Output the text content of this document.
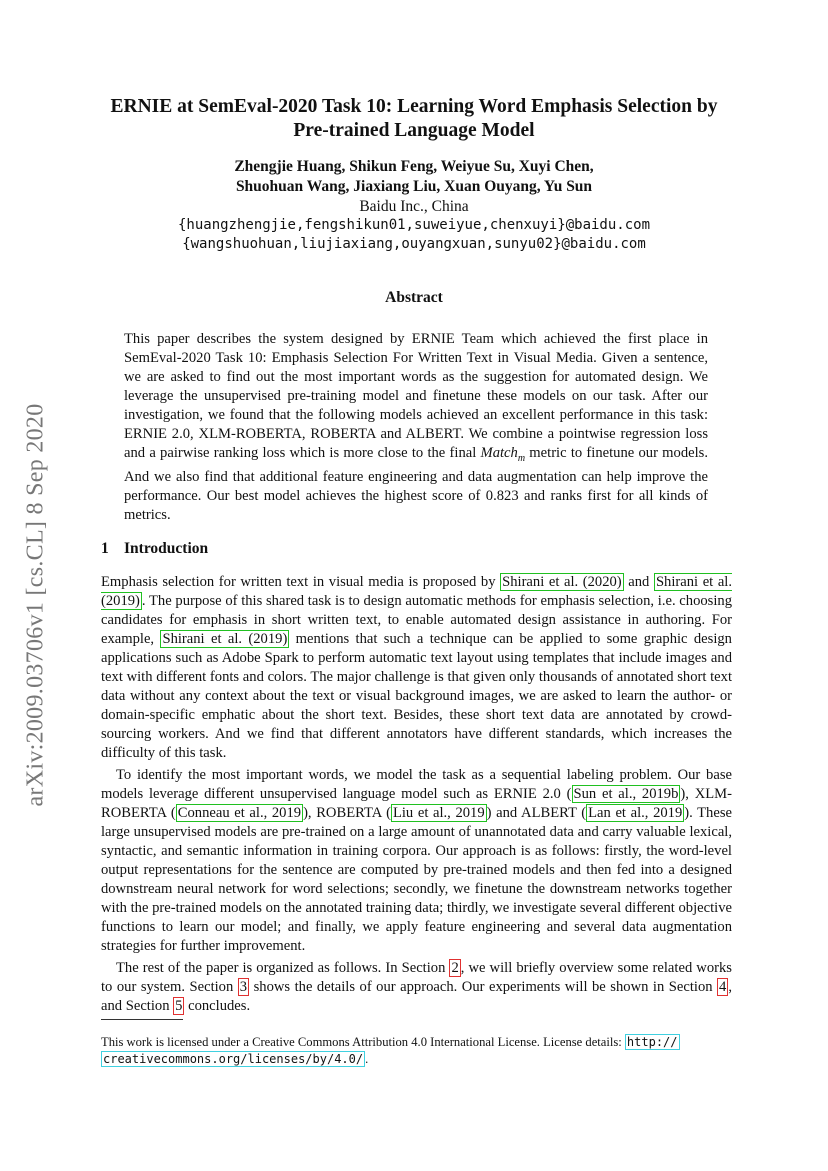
arXiv:2009.03706v1 [cs.CL] 8 Sep 2020
ERNIE at SemEval-2020 Task 10: Learning Word Emphasis Selection by
Pre-trained Language Model
Zhengjie Huang, Shikun Feng, Weiyue Su, Xuyi Chen,
Shuohuan Wang, Jiaxiang Liu, Xuan Ouyang, Yu Sun
Baidu Inc., China
{huangzhengjie,fengshikun01,suweiyue,chenxuyi}@baidu.com
{wangshuohuan,liujiaxiang,ouyangxuan,sunyu02}@baidu.com
Abstract
This paper describes the system designed by ERNIE Team which achieved the first place in SemEval-2020 Task 10: Emphasis Selection For Written Text in Visual Media. Given a sentence, we are asked to find out the most important words as the suggestion for automated design. We leverage the unsupervised pre-training model and finetune these models on our task. After our investigation, we found that the following models achieved an excellent performance in this task: ERNIE 2.0, XLM-ROBERTA, ROBERTA and ALBERT. We combine a pointwise regression loss and a pairwise ranking loss which is more close to the final Match$_m$ metric to finetune our models. And we also find that additional feature engineering and data augmentation can help improve the performance. Our best model achieves the highest score of 0.823 and ranks first for all kinds of metrics.
1 Introduction

Emphasis selection for written text in visual media is proposed by Shirani et al. (2020) and Shirani et al. (2019) . The purpose of this shared task is to design automatic methods for emphasis selection, i.e. choosing candidates for emphasis in short written text, to enable automated design assistance in authoring. For example, Shirani et al. (2019) mentions that such a technique can be applied to some graphic design applications such as Adobe Spark to perform automatic text layout using templates that include images and text with different fonts and colors. The major challenge is that given only thousands of annotated short text data without any context about the text or visual background images, we are asked to learn the author- or domain-specific emphatic about the short text. Besides, these short text data are annotated by crowd-sourcing workers. And we find that different annotators have different standards, which increases the difficulty of this task.

To identify the most important words, we model the task as a sequential labeling problem. Our base models leverage different unsupervised language model such as ERNIE 2.0 ( Sun et al., 2019b ), XLM-ROBERTA ( Conneau et al., 2019 ), ROBERTA ( Liu et al., 2019 ) and ALBERT ( Lan et al., 2019 ). These large unsupervised models are pre-trained on a large amount of unannotated data and carry valuable lexical, syntactic, and semantic information in training corpora. Our approach is as follows: firstly, the word-level output representations for the sentence are computed by pre-trained models and then fed into a designed downstream neural network for word selections; secondly, we finetune the downstream networks together with the pre-trained models on the annotated training data; thirdly, we investigate several different objective functions to learn our model; and finally, we apply feature engineering and several data augmentation strategies for further improvement.

The rest of the paper is organized as follows. In Section 2 , we will briefly overview some related works to our system. Section 3 shows the details of our approach. Our experiments will be shown in Section 4 , and Section 5 concludes.

This work is licensed under a Creative Commons Attribution 4.0 International License. License details: http://
creativecommons.org/licenses/by/4.0/ .
